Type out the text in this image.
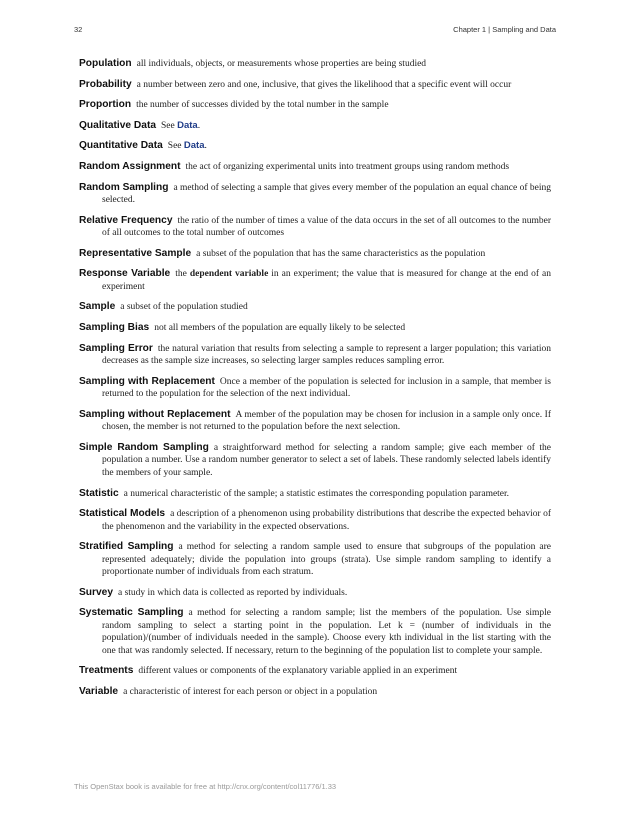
32	Chapter 1 | Sampling and Data

Population all individuals, objects, or measurements whose properties are being studied

Probability a number between zero and one, inclusive, that gives the likelihood that a specific event will occur

Proportion the number of successes divided by the total number in the sample

Qualitative Data See Data.

Quantitative Data See Data.

Random Assignment the act of organizing experimental units into treatment groups using random methods

Random Sampling a method of selecting a sample that gives every member of the population an equal chance of being selected.

Relative Frequency the ratio of the number of times a value of the data occurs in the set of all outcomes to the number of all outcomes to the total number of outcomes

Representative Sample a subset of the population that has the same characteristics as the population

Response Variable the dependent variable in an experiment; the value that is measured for change at the end of an experiment

Sample a subset of the population studied

Sampling Bias not all members of the population are equally likely to be selected

Sampling Error the natural variation that results from selecting a sample to represent a larger population; this variation decreases as the sample size increases, so selecting larger samples reduces sampling error.

Sampling with Replacement Once a member of the population is selected for inclusion in a sample, that member is returned to the population for the selection of the next individual.

Sampling without Replacement A member of the population may be chosen for inclusion in a sample only once. If chosen, the member is not returned to the population before the next selection.

Simple Random Sampling a straightforward method for selecting a random sample; give each member of the population a number. Use a random number generator to select a set of labels. These randomly selected labels identify the members of your sample.

Statistic a numerical characteristic of the sample; a statistic estimates the corresponding population parameter.

Statistical Models a description of a phenomenon using probability distributions that describe the expected behavior of the phenomenon and the variability in the expected observations.

Stratified Sampling a method for selecting a random sample used to ensure that subgroups of the population are represented adequately; divide the population into groups (strata). Use simple random sampling to identify a proportionate number of individuals from each stratum.

Survey a study in which data is collected as reported by individuals.

Systematic Sampling a method for selecting a random sample; list the members of the population. Use simple random sampling to select a starting point in the population. Let k = (number of individuals in the population)/(number of individuals needed in the sample). Choose every kth individual in the list starting with the one that was randomly selected. If necessary, return to the beginning of the population list to complete your sample.

Treatments different values or components of the explanatory variable applied in an experiment

Variable a characteristic of interest for each person or object in a population

This OpenStax book is available for free at http://cnx.org/content/col11776/1.33
